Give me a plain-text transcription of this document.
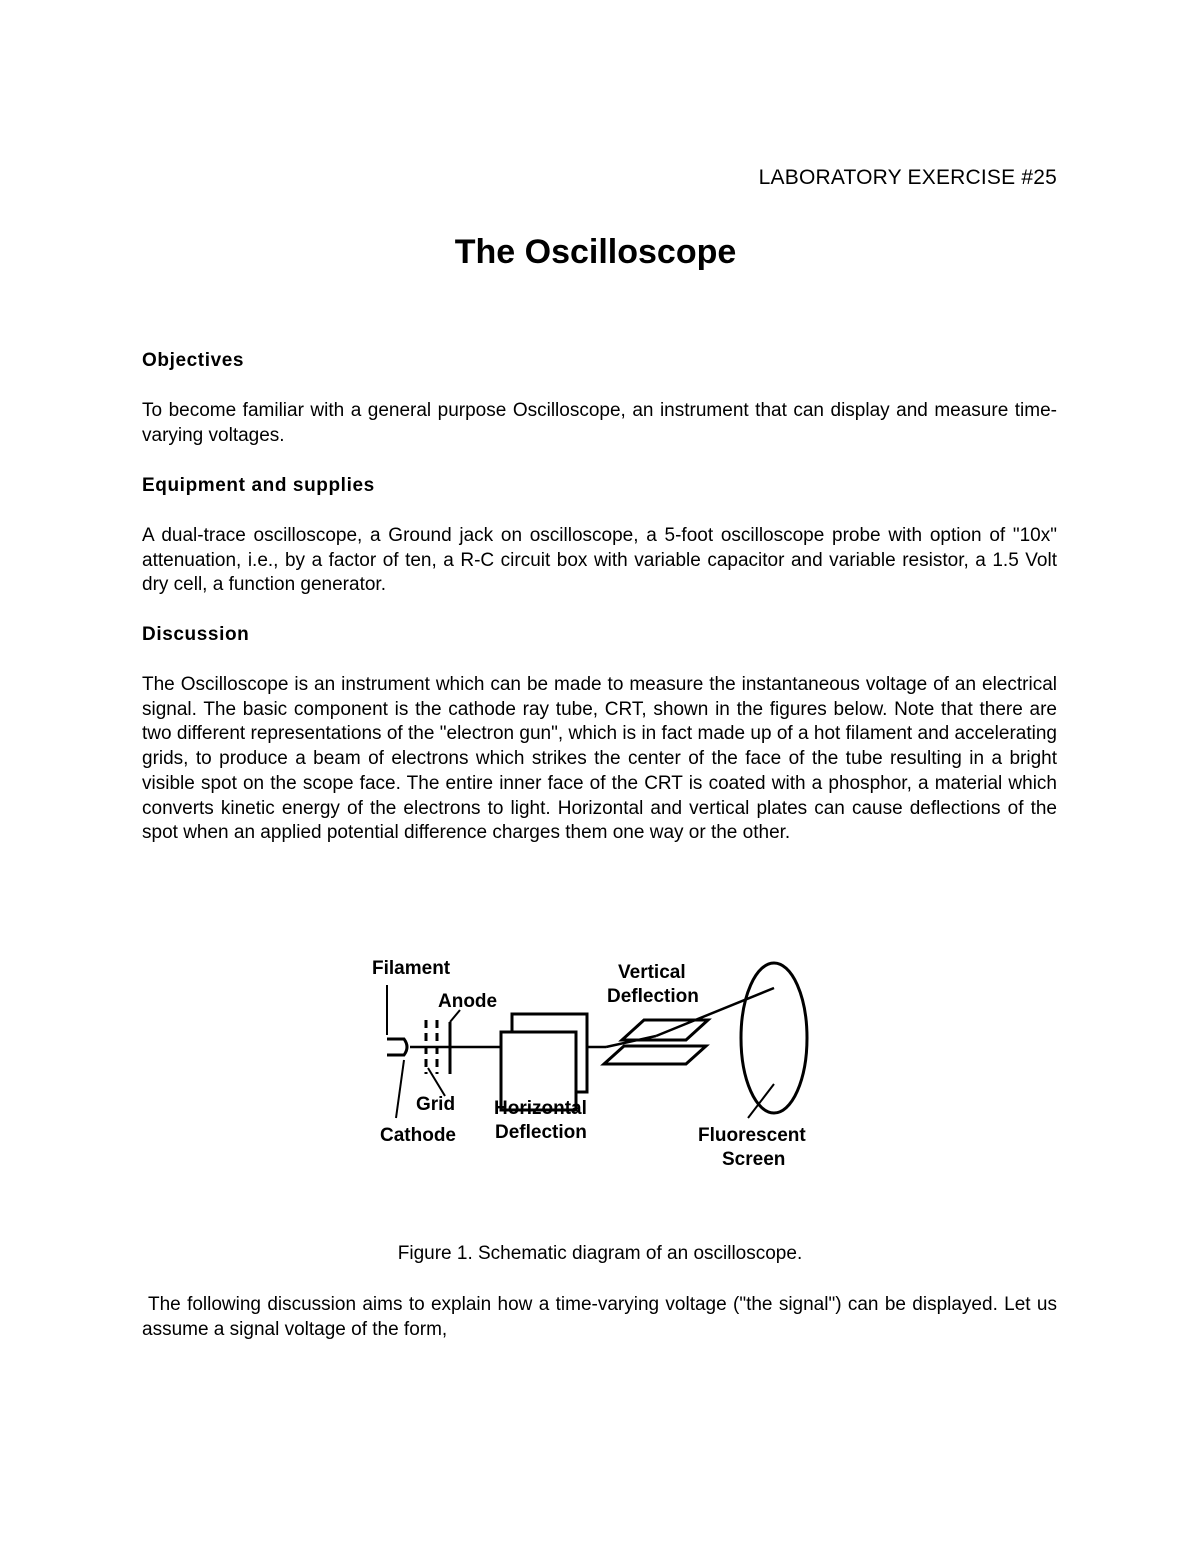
LABORATORY EXERCISE #25
The Oscilloscope
Objectives

To become familiar with a general purpose Oscilloscope, an instrument that can display and measure time-varying voltages.

Equipment and supplies

A dual-trace oscilloscope, a Ground jack on oscilloscope, a 5-foot oscilloscope probe with option of "10x" attenuation, i.e., by a factor of ten, a R-C circuit box with variable capacitor and variable resistor, a 1.5 Volt dry cell, a function generator.

Discussion

The Oscilloscope is an instrument which can be made to measure the instantaneous voltage of an electrical signal. The basic component is the cathode ray tube, CRT, shown in the figures below. Note that there are two different representations of the "electron gun", which is in fact made up of a hot filament and accelerating grids, to produce a beam of electrons which strikes the center of the face of the tube resulting in a bright visible spot on the scope face. The entire inner face of the CRT is coated with a phosphor, a material which converts kinetic energy of the electrons to light. Horizontal and vertical plates can cause deflections of the spot when an applied potential difference charges them one way or the other.

Filament
Anode
Vertical
Deflection
Grid
Cathode
Horizontal
Deflection	Fluorescent
Screen
Figure 1. Schematic diagram of an oscilloscope.

The following discussion aims to explain how a time-varying voltage ("the signal") can be displayed. Let us assume a signal voltage of the form,
